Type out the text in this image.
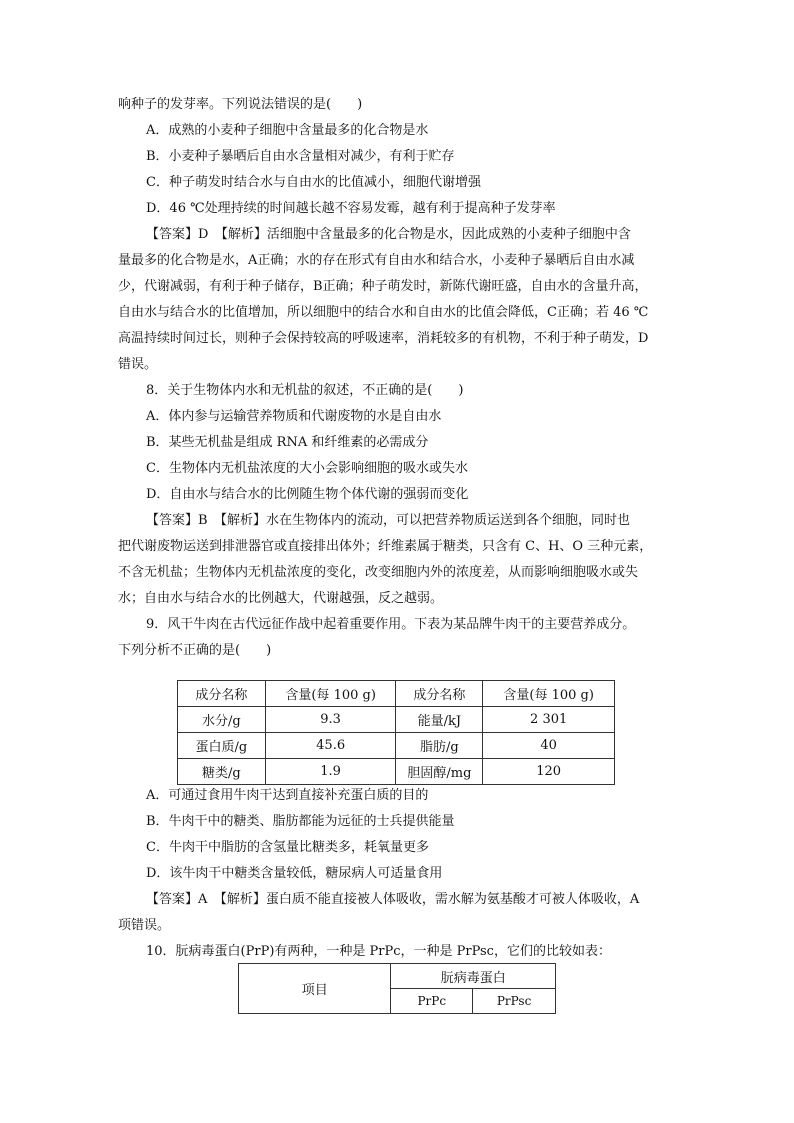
响种子的发芽率。下列说法错误的是(　　)
A．成熟的小麦种子细胞中含量最多的化合物是水
B．小麦种子暴晒后自由水含量相对减少，有利于贮存
C．种子萌发时结合水与自由水的比值减小，细胞代谢增强
D．46 ℃处理持续的时间越长越不容易发霉，越有利于提高种子发芽率
【答案】D　【解析】活细胞中含量最多的化合物是水，因此成熟的小麦种子细胞中含
量最多的化合物是水，A正确；水的存在形式有自由水和结合水，小麦种子暴晒后自由水减
少，代谢减弱，有利于种子储存，B正确；种子萌发时，新陈代谢旺盛，自由水的含量升高，
自由水与结合水的比值增加，所以细胞中的结合水和自由水的比值会降低，C正确；若 46 ℃
高温持续时间过长，则种子会保持较高的呼吸速率，消耗较多的有机物，不利于种子萌发，D
错误。
8．关于生物体内水和无机盐的叙述，不正确的是(　　)
A．体内参与运输营养物质和代谢废物的水是自由水
B．某些无机盐是组成 RNA 和纤维素的必需成分
C．生物体内无机盐浓度的大小会影响细胞的吸水或失水
D．自由水与结合水的比例随生物个体代谢的强弱而变化
【答案】B　【解析】水在生物体内的流动，可以把营养物质运送到各个细胞，同时也
把代谢废物运送到排泄器官或直接排出体外；纤维素属于糖类，只含有 C、H、O 三种元素，
不含无机盐；生物体内无机盐浓度的变化，改变细胞内外的浓度差，从而影响细胞吸水或失
水；自由水与结合水的比例越大，代谢越强，反之越弱。
9．风干牛肉在古代远征作战中起着重要作用。下表为某品牌牛肉干的主要营养成分。
下列分析不正确的是(　　)
成分名称	含量(每 100 g)	成分名称	含量(每 100 g)
水分/g	9.3	能量/kJ	2 301
蛋白质/g	45.6	脂肪/g	40
糖类/g	1.9	胆固醇/mg	120
A．可通过食用牛肉干达到直接补充蛋白质的目的
B．牛肉干中的糖类、脂肪都能为远征的士兵提供能量
C．牛肉干中脂肪的含氢量比糖类多，耗氧量更多
D．该牛肉干中糖类含量较低，糖尿病人可适量食用
【答案】A　【解析】蛋白质不能直接被人体吸收，需水解为氨基酸才可被人体吸收，A
项错误。
10．朊病毒蛋白(PrP)有两种，一种是 PrPc，一种是 PrPsc，它们的比较如表：
项目	朊病毒蛋白	
	PrPc	PrPsc
